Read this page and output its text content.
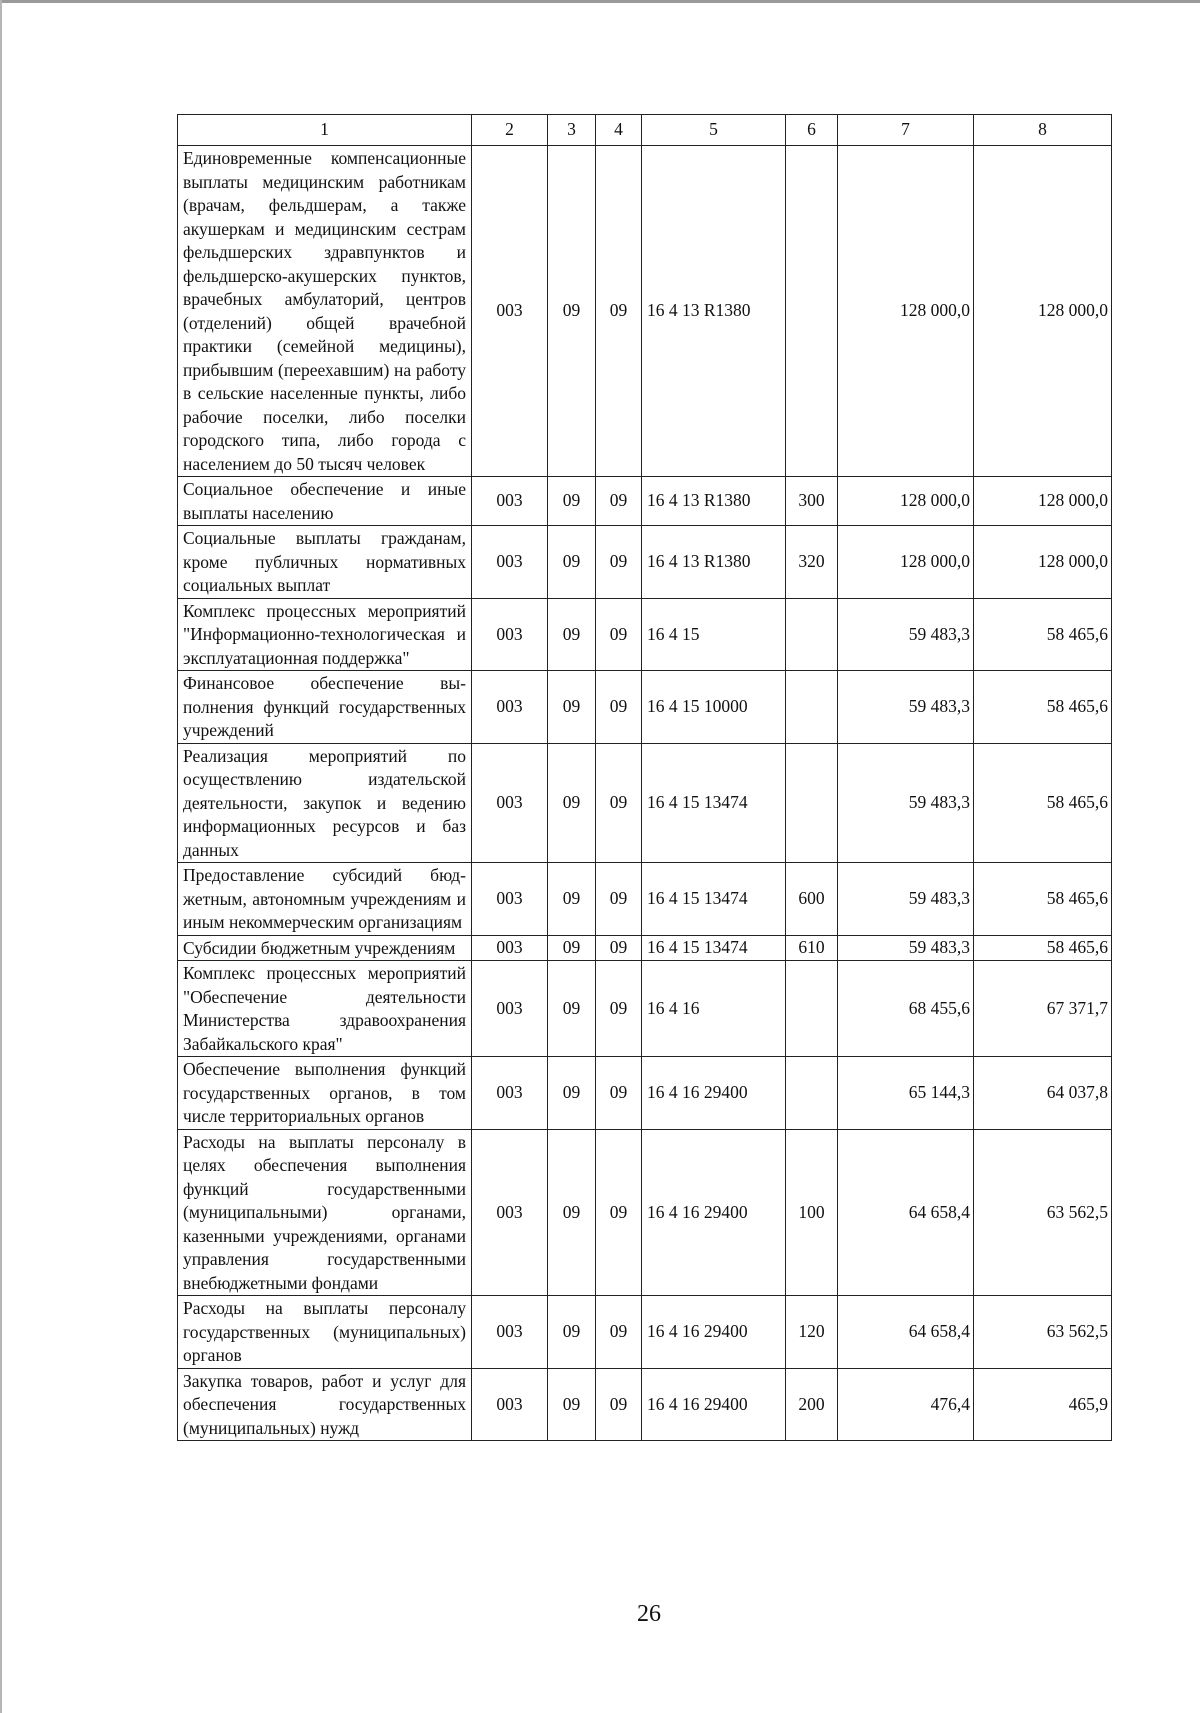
1	2	3	4	5	6	7	8
Единовременные компенсационные выплаты медицинским работникам (врачам, фельдшерам, а также акушеркам и медицинским сестрам фельдшерских здравпунктов и фельдшерско-акушерских пунктов, врачебных амбулаторий, центров (отделений) общей врачебной практики (семейной медицины), прибывшим (переехавшим) на работу в сельские населенные пункты, либо рабочие поселки, либо поселки городского типа, либо города с населением до 50 тысяч человек	003	09	09	16 4 13 R1380		128 000,0	128 000,0
Социальное обеспечение и иные выплаты населению	003	09	09	16 4 13 R1380	300	128 000,0	128 000,0
Социальные выплаты гражданам, кроме публичных нормативных социальных выплат	003	09	09	16 4 13 R1380	320	128 000,0	128 000,0
Комплекс процессных мероприятий "Информационно-технологическая и эксплуатационная поддержка"	003	09	09	16 4 15		59 483,3	58 465,6
Финансовое обеспечение выполнения функций государственных учреждений	003	09	09	16 4 15 10000		59 483,3	58 465,6
Реализация мероприятий по осуществлению издательской деятельности, закупок и ведению информационных ресурсов и баз данных	003	09	09	16 4 15 13474		59 483,3	58 465,6
Предоставление субсидий бюджетным, автономным учреждениям и иным некоммерческим организациям	003	09	09	16 4 15 13474	600	59 483,3	58 465,6
Субсидии бюджетным учреждениям	003	09	09	16 4 15 13474	610	59 483,3	58 465,6
Комплекс процессных мероприятий "Обеспечение деятельности Министерства здравоохранения Забайкальского края"	003	09	09	16 4 16		68 455,6	67 371,7
Обеспечение выполнения функций государственных органов, в том числе территориальных органов	003	09	09	16 4 16 29400		65 144,3	64 037,8
Расходы на выплаты персоналу в целях обеспечения выполнения функций государственными (муниципальными) органами, казенными учреждениями, органами управления государственными внебюджетными фондами	003	09	09	16 4 16 29400	100	64 658,4	63 562,5
Расходы на выплаты персоналу государственных (муниципальных) органов	003	09	09	16 4 16 29400	120	64 658,4	63 562,5
Закупка товаров, работ и услуг для обеспечения государственных (муниципальных) нужд	003	09	09	16 4 16 29400	200	476,4	465,9
26
